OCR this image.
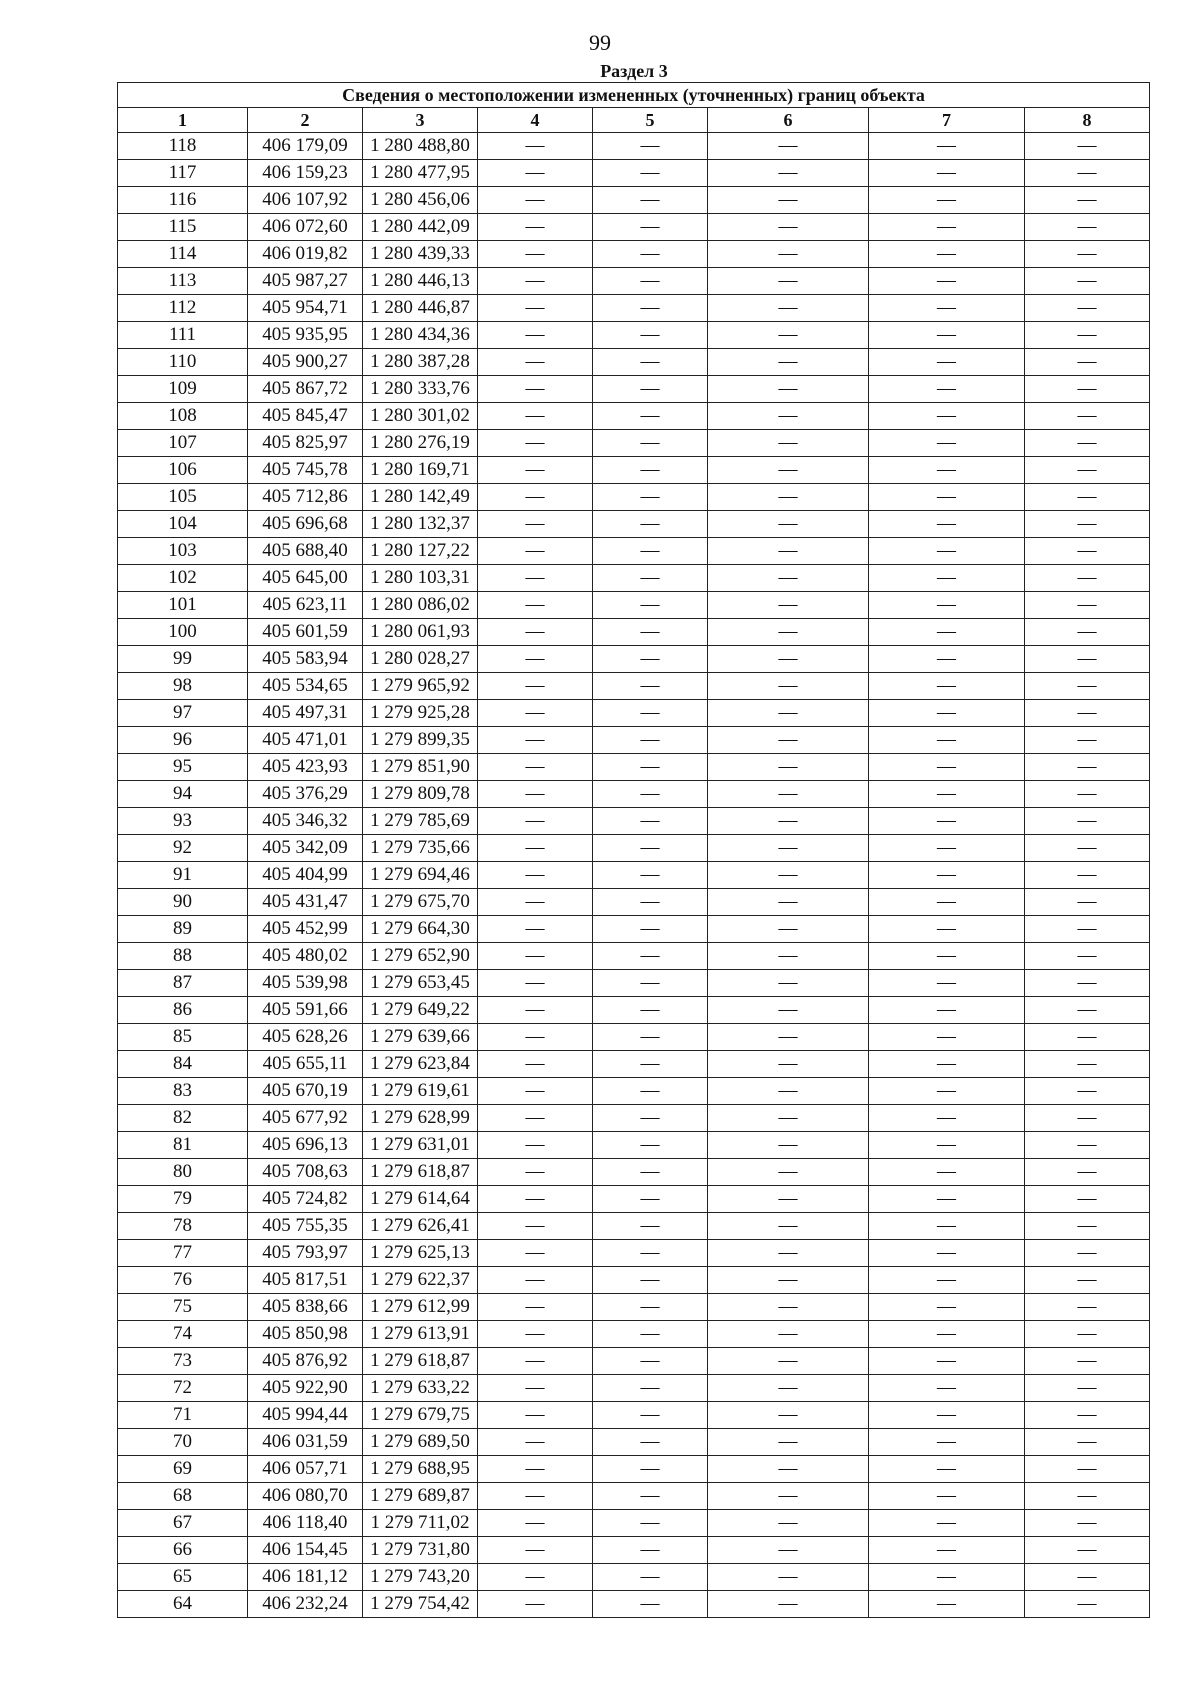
99
Раздел 3
Сведения о местоположении измененных (уточненных) границ объекта							
1	2	3	4	5	6	7	8
118	406 179,09	1 280 488,80	—	—	—	—	—
117	406 159,23	1 280 477,95	—	—	—	—	—
116	406 107,92	1 280 456,06	—	—	—	—	—
115	406 072,60	1 280 442,09	—	—	—	—	—
114	406 019,82	1 280 439,33	—	—	—	—	—
113	405 987,27	1 280 446,13	—	—	—	—	—
112	405 954,71	1 280 446,87	—	—	—	—	—
111	405 935,95	1 280 434,36	—	—	—	—	—
110	405 900,27	1 280 387,28	—	—	—	—	—
109	405 867,72	1 280 333,76	—	—	—	—	—
108	405 845,47	1 280 301,02	—	—	—	—	—
107	405 825,97	1 280 276,19	—	—	—	—	—
106	405 745,78	1 280 169,71	—	—	—	—	—
105	405 712,86	1 280 142,49	—	—	—	—	—
104	405 696,68	1 280 132,37	—	—	—	—	—
103	405 688,40	1 280 127,22	—	—	—	—	—
102	405 645,00	1 280 103,31	—	—	—	—	—
101	405 623,11	1 280 086,02	—	—	—	—	—
100	405 601,59	1 280 061,93	—	—	—	—	—
99	405 583,94	1 280 028,27	—	—	—	—	—
98	405 534,65	1 279 965,92	—	—	—	—	—
97	405 497,31	1 279 925,28	—	—	—	—	—
96	405 471,01	1 279 899,35	—	—	—	—	—
95	405 423,93	1 279 851,90	—	—	—	—	—
94	405 376,29	1 279 809,78	—	—	—	—	—
93	405 346,32	1 279 785,69	—	—	—	—	—
92	405 342,09	1 279 735,66	—	—	—	—	—
91	405 404,99	1 279 694,46	—	—	—	—	—
90	405 431,47	1 279 675,70	—	—	—	—	—
89	405 452,99	1 279 664,30	—	—	—	—	—
88	405 480,02	1 279 652,90	—	—	—	—	—
87	405 539,98	1 279 653,45	—	—	—	—	—
86	405 591,66	1 279 649,22	—	—	—	—	—
85	405 628,26	1 279 639,66	—	—	—	—	—
84	405 655,11	1 279 623,84	—	—	—	—	—
83	405 670,19	1 279 619,61	—	—	—	—	—
82	405 677,92	1 279 628,99	—	—	—	—	—
81	405 696,13	1 279 631,01	—	—	—	—	—
80	405 708,63	1 279 618,87	—	—	—	—	—
79	405 724,82	1 279 614,64	—	—	—	—	—
78	405 755,35	1 279 626,41	—	—	—	—	—
77	405 793,97	1 279 625,13	—	—	—	—	—
76	405 817,51	1 279 622,37	—	—	—	—	—
75	405 838,66	1 279 612,99	—	—	—	—	—
74	405 850,98	1 279 613,91	—	—	—	—	—
73	405 876,92	1 279 618,87	—	—	—	—	—
72	405 922,90	1 279 633,22	—	—	—	—	—
71	405 994,44	1 279 679,75	—	—	—	—	—
70	406 031,59	1 279 689,50	—	—	—	—	—
69	406 057,71	1 279 688,95	—	—	—	—	—
68	406 080,70	1 279 689,87	—	—	—	—	—
67	406 118,40	1 279 711,02	—	—	—	—	—
66	406 154,45	1 279 731,80	—	—	—	—	—
65	406 181,12	1 279 743,20	—	—	—	—	—
64	406 232,24	1 279 754,42	—	—	—	—	—
